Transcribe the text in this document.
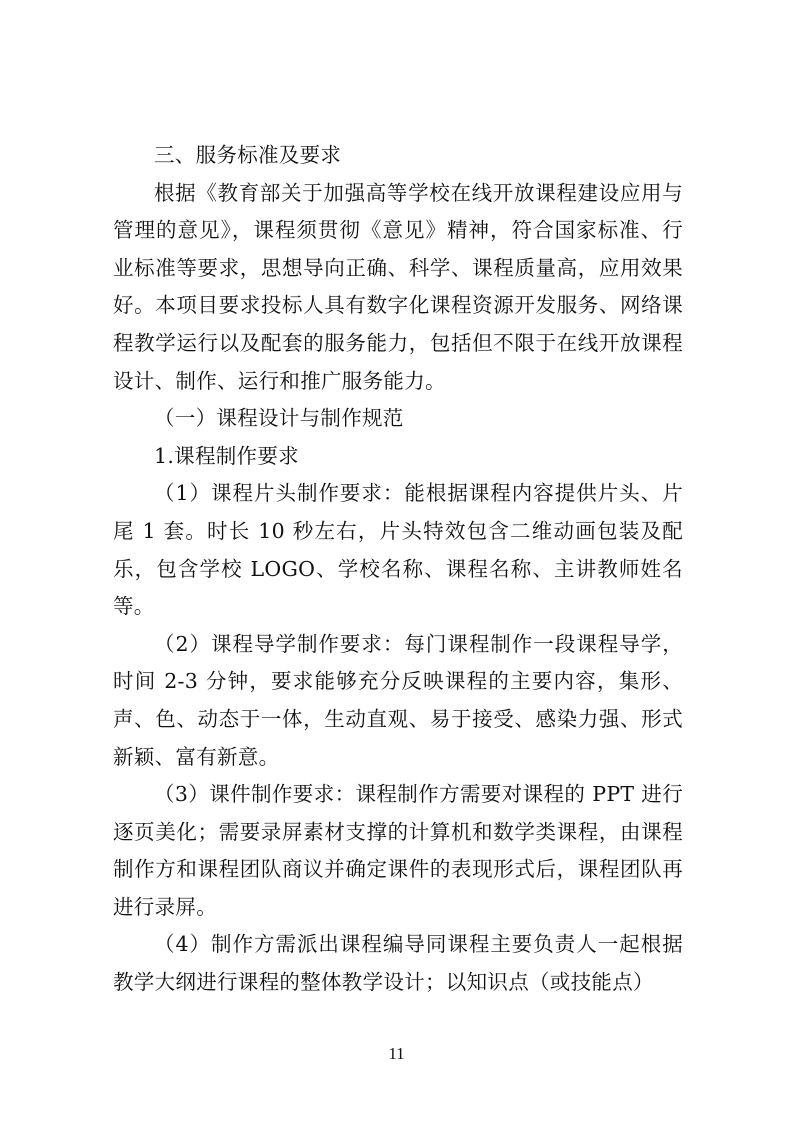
三、服务标准及要求

根据《教育部关于加强高等学校在线开放课程建设应用与管理的意见》，课程须贯彻《意见》精神，符合国家标准、行业标准等要求，思想导向正确、科学、课程质量高，应用效果好。本项目要求投标人具有数字化课程资源开发服务、网络课程教学运行以及配套的服务能力，包括但不限于在线开放课程设计、制作、运行和推广服务能力。

（一）课程设计与制作规范

1.课程制作要求

（1）课程片头制作要求：能根据课程内容提供片头、片尾 1 套。时长 10 秒左右，片头特效包含二维动画包装及配乐，包含学校 LOGO、学校名称、课程名称、主讲教师姓名等。

（2）课程导学制作要求：每门课程制作一段课程导学，时间 2-3 分钟，要求能够充分反映课程的主要内容，集形、声、色、动态于一体，生动直观、易于接受、感染力强、形式新颖、富有新意。

（3）课件制作要求：课程制作方需要对课程的 PPT 进行逐页美化；需要录屏素材支撑的计算机和数学类课程，由课程制作方和课程团队商议并确定课件的表现形式后，课程团队再进行录屏。

（4）制作方需派出课程编导同课程主要负责人一起根据教学大纲进行课程的整体教学设计；以知识点（或技能点）

11
